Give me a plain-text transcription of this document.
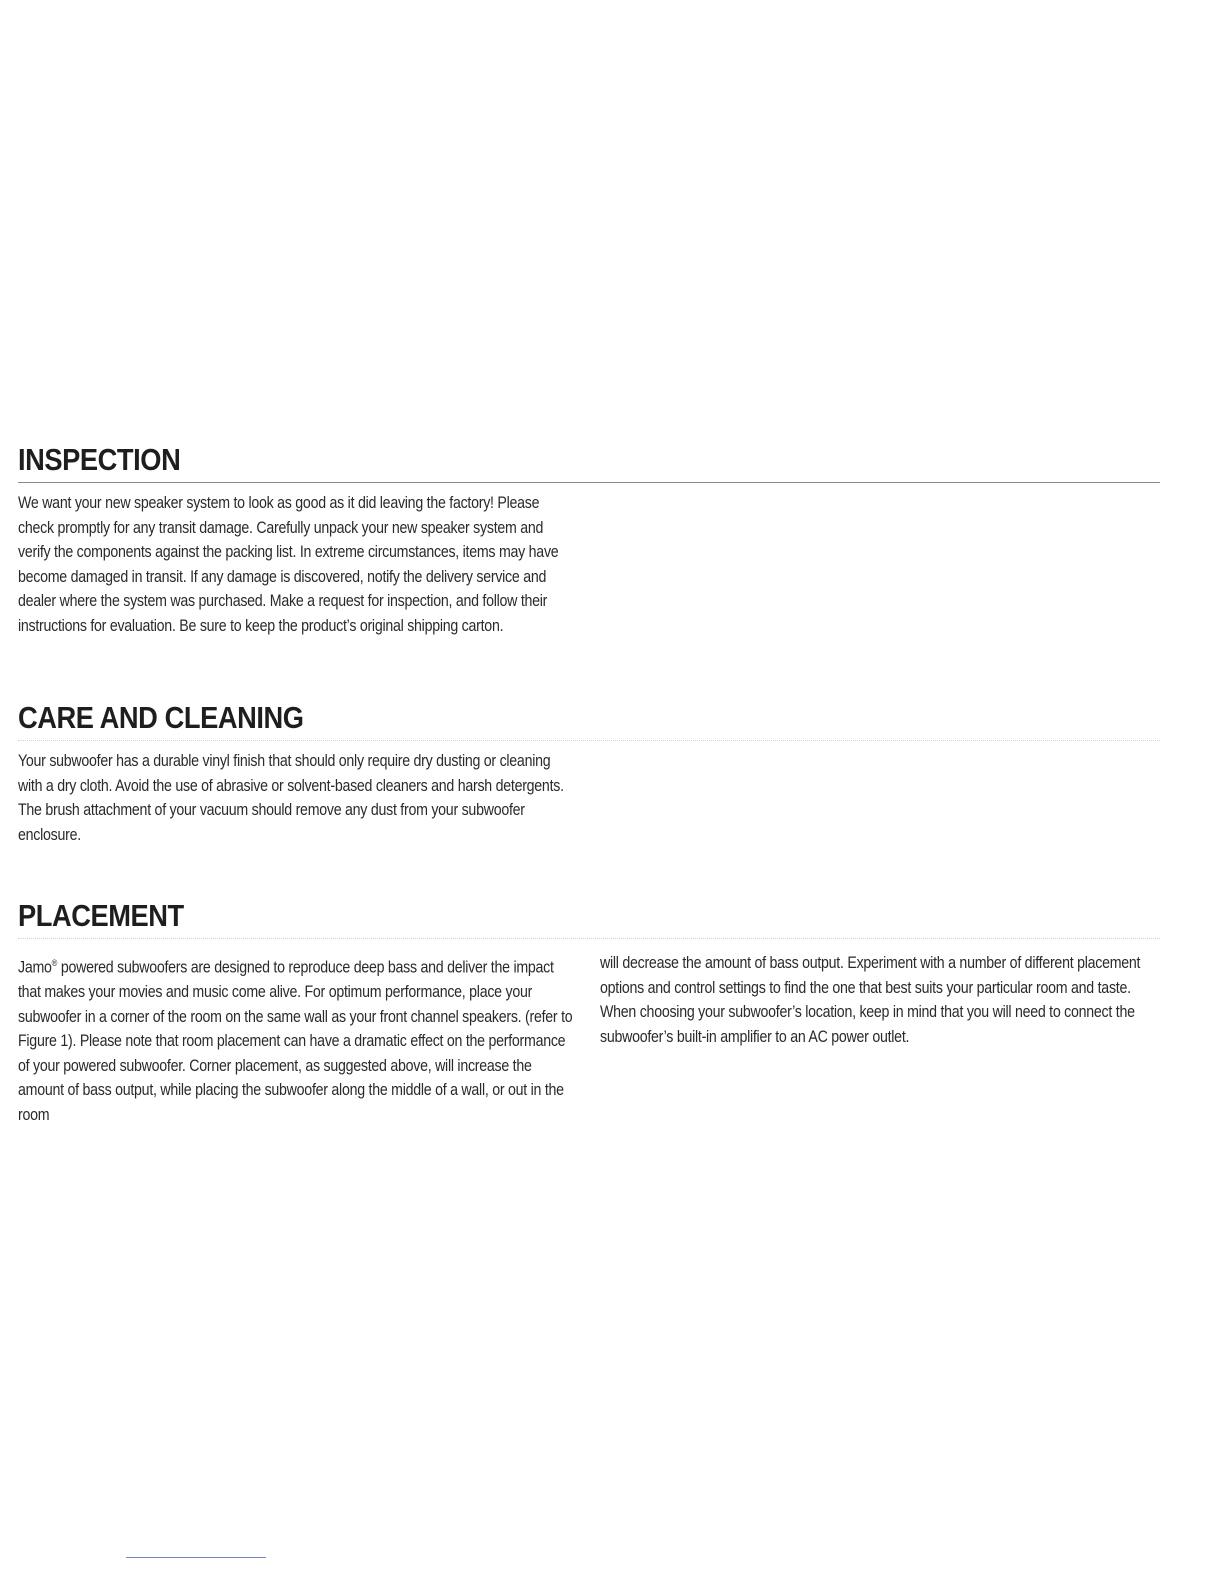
INSPECTION

We want your new speaker system to look as good as it did leaving the factory! Please check promptly for any transit damage. Carefully unpack your new speaker system and verify the components against the packing list. In extreme circumstances, items may have become damaged in transit. If any damage is discovered, notify the delivery service and dealer where the system was purchased. Make a request for inspection, and follow their instructions for evaluation. Be sure to keep the product’s original shipping carton.

CARE AND CLEANING

Your subwoofer has a durable vinyl finish that should only require dry dusting or cleaning with a dry cloth. Avoid the use of abrasive or solvent-based cleaners and harsh detergents. The brush attachment of your vacuum should remove any dust from your subwoofer enclosure.

PLACEMENT

Jamo® powered subwoofers are designed to reproduce deep bass and deliver the impact that makes your movies and music come alive. For optimum performance, place your subwoofer in a corner of the room on the same wall as your front channel speakers. (refer to Figure 1). Please note that room placement can have a dramatic effect on the performance of your powered subwoofer. Corner placement, as suggested above, will increase the amount of bass output, while placing the subwoofer along the middle of a wall, or out in the room

will decrease the amount of bass output. Experiment with a number of different placement options and control settings to find the one that best suits your particular room and taste. When choosing your subwoofer’s location, keep in mind that you will need to connect the subwoofer’s built-in amplifier to an AC power outlet.
